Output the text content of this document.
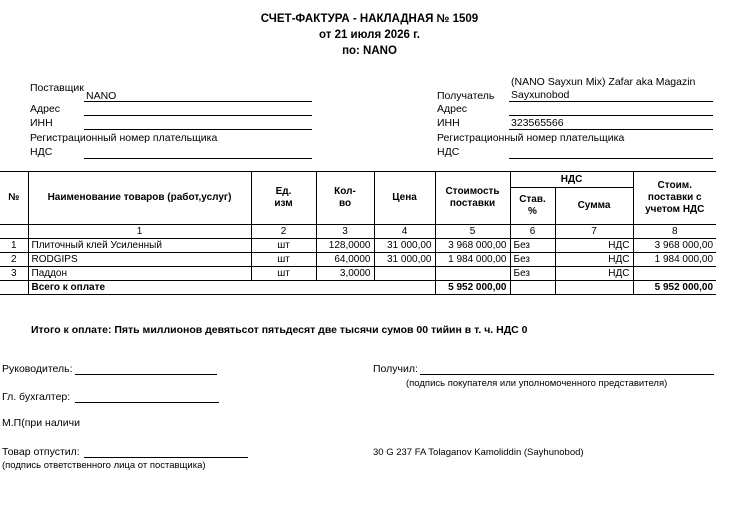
СЧЕТ-ФАКТУРА - НАКЛАДНАЯ № 1509
от 21 июля 2026 г.
по: NANO
Поставщик
NANO
Адрес
ИНН
Регистрационный номер плательщика
НДС
(NANO Sayxun Mix) Zafar aka Magazin
Получатель Sayxunobod
Адрес
ИНН	323565566
Регистрационный номер плательщика
НДС
№	Наименование товаров (работ,услуг)	Ед. изм	Кол-во	Цена	Стоимость поставки	НДС		Стоим. поставки с учетом НДС
						Став. %	Сумма	
	1	2	3	4	5	6	7	8
1	Плиточный клей Усиленный	шт	128,0000	31 000,00	3 968 000,00	Без	НДС	3 968 000,00
2	RODGIPS	шт	64,0000	31 000,00	1 984 000,00	Без	НДС	1 984 000,00
3	Паддон	шт	3,0000			Без	НДС	
	Всего к оплате				5 952 000,00			5 952 000,00
Итого к оплате: Пять миллионов девятьсот пятьдесят две тысячи сумов 00 тийин в т. ч. НДС 0
Руководитель:
Гл. бухгалтер:
М.П(при наличи
Товар отпустил:
(подпись ответственного лица от поставщика)
Получил:
(подпись покупателя или уполномоченного представителя)
30 G 237 FA Tolaganov Kamoliddin (Sayhunobod)
